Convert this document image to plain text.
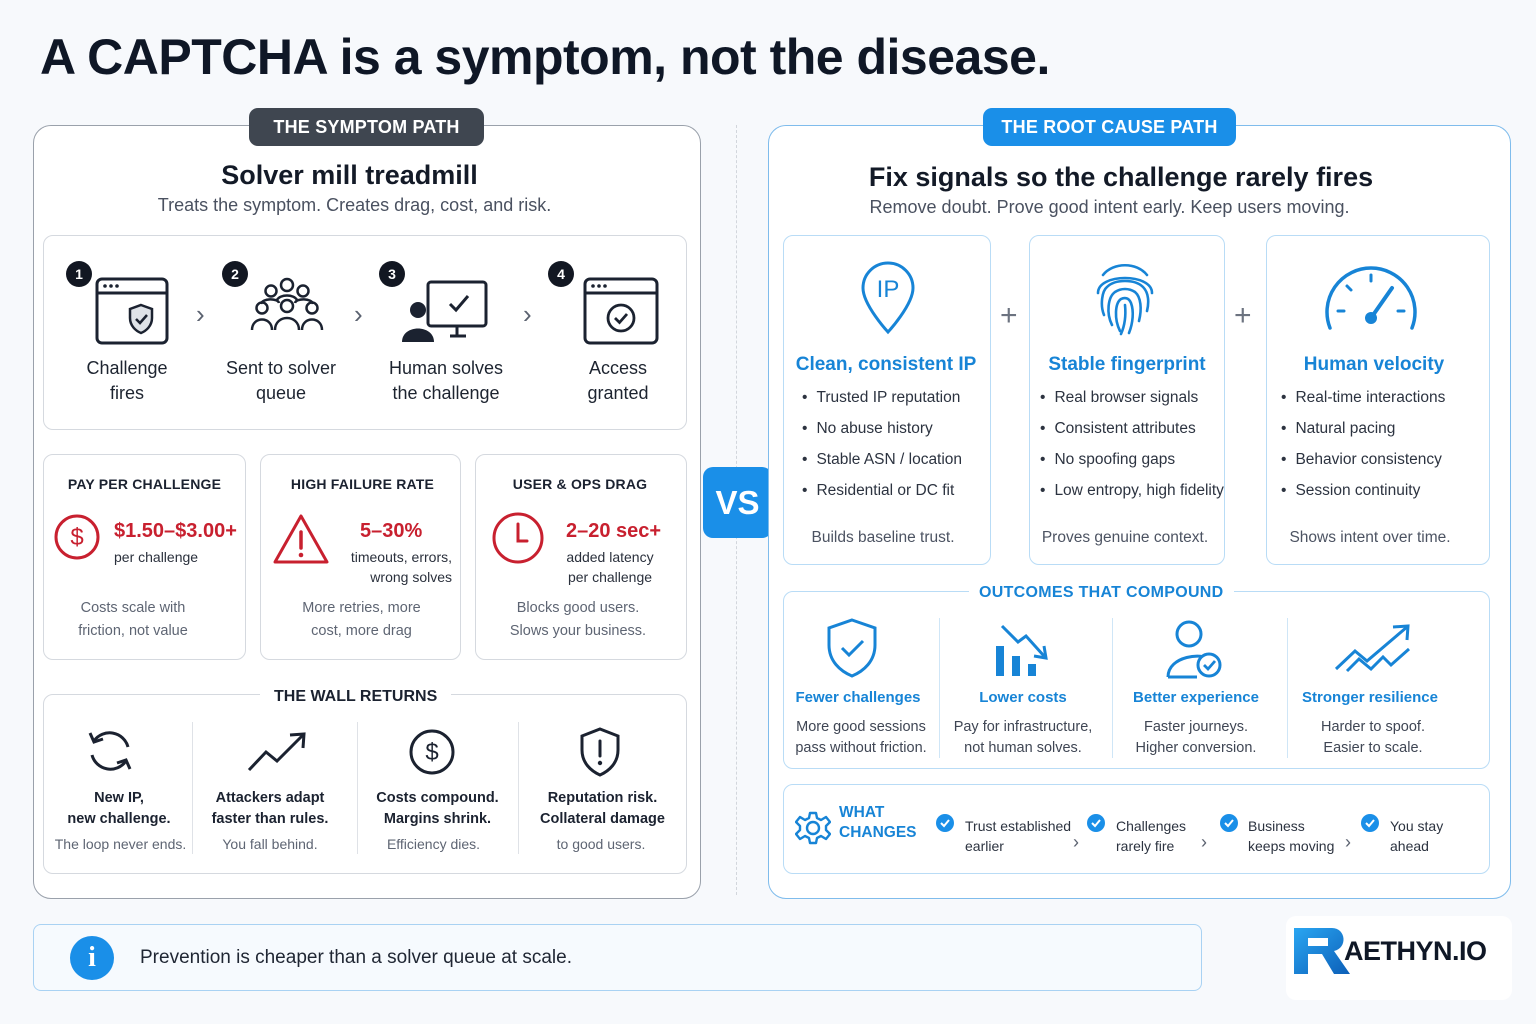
A CAPTCHA is a symptom, not the disease.
THE SYMPTOM PATH
Solver mill treadmill
Treats the symptom. Creates drag, cost, and risk.
1
Challenge
fires
›
2
Sent to solver
queue
›
3
Human solves
the challenge
›
4
Access
granted
PAY PER CHALLENGE
$ $1.50–$3.00+
per challenge
Costs scale with
friction, not value
HIGH FAILURE RATE
5–30%
timeouts, errors,
wrong solves
More retries, more
cost, more drag
USER & OPS DRAG
2–20 sec+
added latency
per challenge
Blocks good users.
Slows your business.
THE WALL RETURNS
New IP,
new challenge.
The loop never ends.
Attackers adapt
faster than rules.
You fall behind.
$
Costs compound.
Margins shrink.
Efficiency dies.
Reputation risk.
Collateral damage
to good users.
VS
THE ROOT CAUSE PATH
Fix signals so the challenge rarely fires
Remove doubt. Prove good intent early. Keep users moving.
IP
Clean, consistent IP
• Trusted IP reputation
• No abuse history
• Stable ASN / location
• Residential or DC fit
Builds baseline trust.
+
Stable fingerprint
• Real browser signals
• Consistent attributes
• No spoofing gaps
• Low entropy, high fidelity
Proves genuine context.
+
Human velocity
• Real-time interactions
• Natural pacing
• Behavior consistency
• Session continuity
Shows intent over time.
OUTCOMES THAT COMPOUND
Fewer challenges
More good sessions
pass without friction.
Lower costs
Pay for infrastructure,
not human solves.
Better experience
Faster journeys.
Higher conversion.
Stronger resilience
Harder to spoof.
Easier to scale.
WHAT
CHANGES	Trust established
earlier	›
Challenges
rarely fire	›
Business
keeps moving ›
You stay
ahead
i	Prevention is cheaper than a solver queue at scale.	AETHYN.IO
